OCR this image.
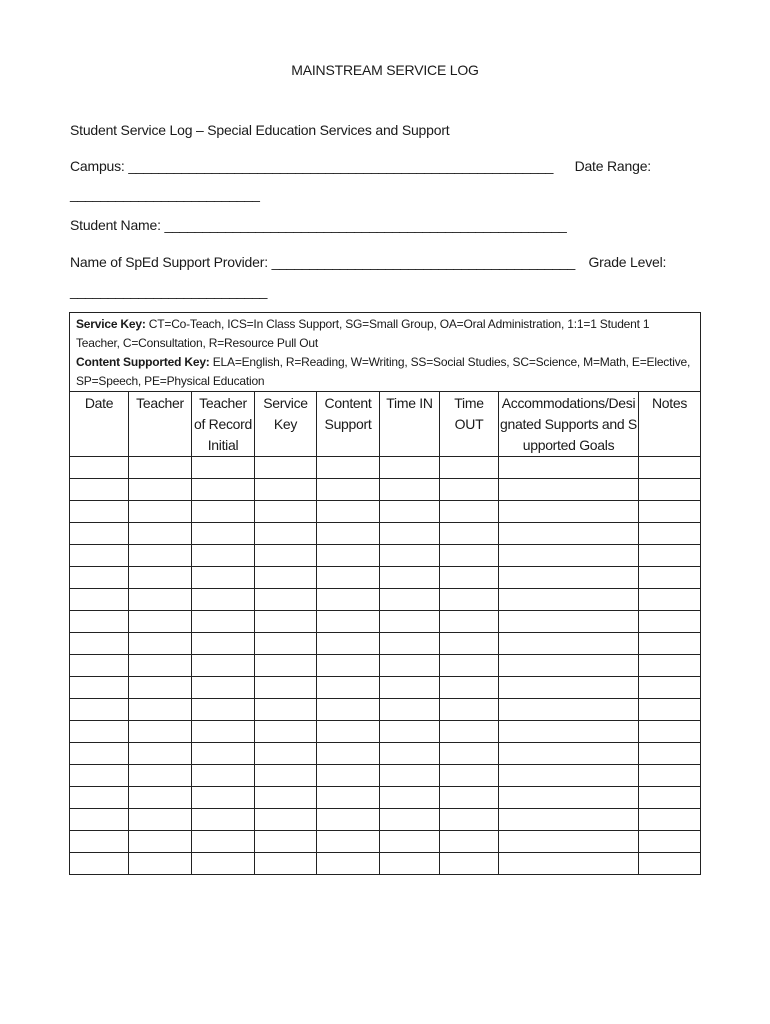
MAINSTREAM SERVICE LOG
Student Service Log – Special Education Services and Support
Campus: ________________________________________________________ Date Range:
_________________________
Student Name: _____________________________________________________
Name of SpEd Support Provider: ________________________________________ Grade Level:
__________________________
Service Key: CT=Co-Teach, ICS=In Class Support, SG=Small Group, OA=Oral Administration, 1:1=1 Student 1 Teacher, C=Consultation, R=Resource Pull Out
Content Supported Key: ELA=English, R=Reading, W=Writing, SS=Social Studies, SC=Science, M=Math, E=Elective, SP=Speech, PE=Physical Education								

Date	Teacher	Teacher of Record Initial	Service Key	Content Support	Time IN	Time OUT	Accommodations/Designated Supports and Supported Goals	Notes
